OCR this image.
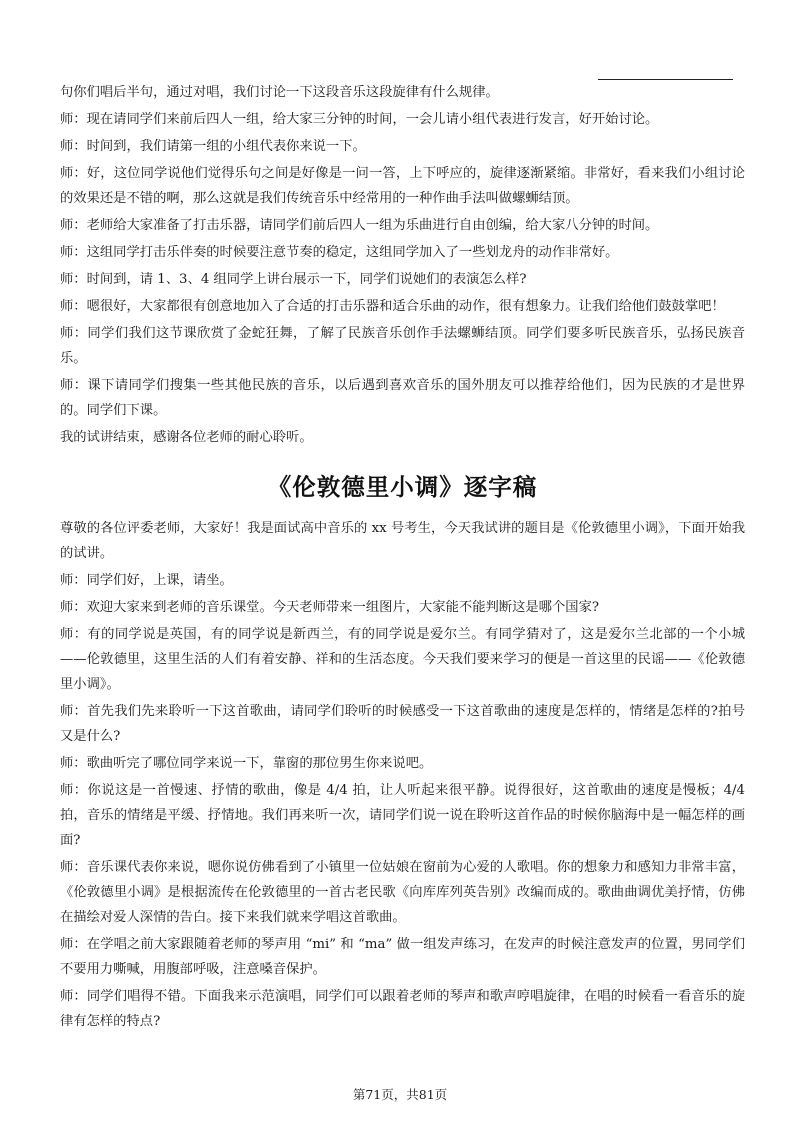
句你们唱后半句，通过对唱，我们讨论一下这段音乐这段旋律有什么规律。

师：现在请同学们来前后四人一组，给大家三分钟的时间，一会儿请小组代表进行发言，好开始讨论。

师：时间到，我们请第一组的小组代表你来说一下。

师：好，这位同学说他们觉得乐句之间是好像是一问一答，上下呼应的，旋律逐渐紧缩。非常好，看来我们小组讨论的效果还是不错的啊，那么这就是我们传统音乐中经常用的一种作曲手法叫做螺蛳结顶。

师：老师给大家准备了打击乐器，请同学们前后四人一组为乐曲进行自由创编，给大家八分钟的时间。

师：这组同学打击乐伴奏的时候要注意节奏的稳定，这组同学加入了一些划龙舟的动作非常好。

师：时间到，请 1、3、4 组同学上讲台展示一下，同学们说她们的表演怎么样?

师：嗯很好，大家都很有创意地加入了合适的打击乐器和适合乐曲的动作，很有想象力。让我们给他们鼓鼓掌吧！

师：同学们我们这节课欣赏了金蛇狂舞，了解了民族音乐创作手法螺蛳结顶。同学们要多听民族音乐，弘扬民族音乐。

师：课下请同学们搜集一些其他民族的音乐，以后遇到喜欢音乐的国外朋友可以推荐给他们，因为民族的才是世界的。同学们下课。

我的试讲结束，感谢各位老师的耐心聆听。

《伦敦德里小调》逐字稿

尊敬的各位评委老师，大家好！我是面试高中音乐的 xx 号考生，今天我试讲的题目是《伦敦德里小调》，下面开始我的试讲。

师：同学们好，上课，请坐。

师：欢迎大家来到老师的音乐课堂。今天老师带来一组图片，大家能不能判断这是哪个国家?

师：有的同学说是英国，有的同学说是新西兰，有的同学说是爱尔兰。有同学猜对了，这是爱尔兰北部的一个小城——伦敦德里，这里生活的人们有着安静、祥和的生活态度。今天我们要来学习的便是一首这里的民谣——《伦敦德里小调》。

师：首先我们先来聆听一下这首歌曲，请同学们聆听的时候感受一下这首歌曲的速度是怎样的，情绪是怎样的?拍号又是什么?

师：歌曲听完了哪位同学来说一下，靠窗的那位男生你来说吧。

师：你说这是一首慢速、抒情的歌曲，像是 4/4 拍，让人听起来很平静。说得很好，这首歌曲的速度是慢板；4/4 拍，音乐的情绪是平缓、抒情地。我们再来听一次，请同学们说一说在聆听这首作品的时候你脑海中是一幅怎样的画面?

师：音乐课代表你来说，嗯你说仿佛看到了小镇里一位姑娘在窗前为心爱的人歌唱。你的想象力和感知力非常丰富，《伦敦德里小调》是根据流传在伦敦德里的一首古老民歌《向库库列英告别》改编而成的。歌曲曲调优美抒情，仿佛在描绘对爱人深情的告白。接下来我们就来学唱这首歌曲。

师：在学唱之前大家跟随着老师的琴声用 “mi” 和 “ma” 做一组发声练习，在发声的时候注意发声的位置，男同学们不要用力嘶喊，用腹部呼吸，注意嗓音保护。

师：同学们唱得不错。下面我来示范演唱，同学们可以跟着老师的琴声和歌声哼唱旋律，在唱的时候看一看音乐的旋律有怎样的特点?

第71页，共81页
